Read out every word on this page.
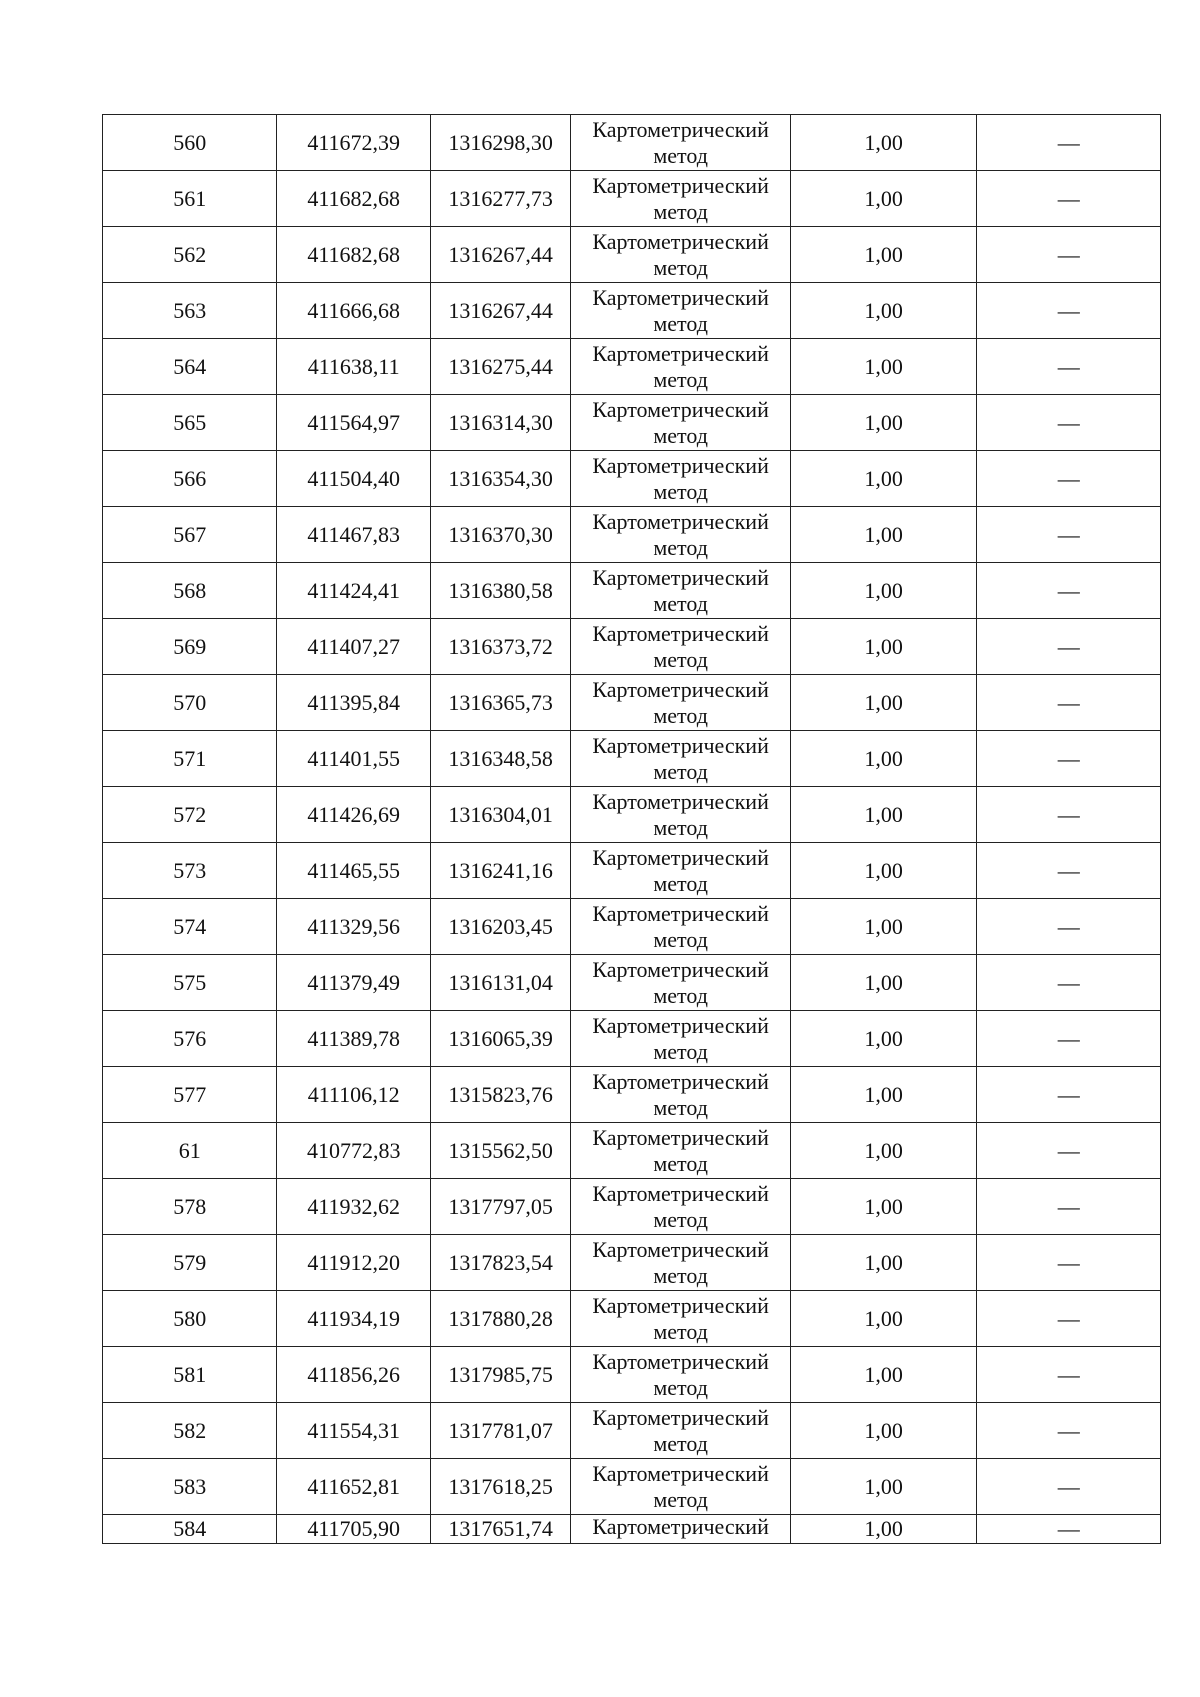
560	411672,39	1316298,30	Картометрический метод	1,00	—
561	411682,68	1316277,73	Картометрический метод	1,00	—
562	411682,68	1316267,44	Картометрический метод	1,00	—
563	411666,68	1316267,44	Картометрический метод	1,00	—
564	411638,11	1316275,44	Картометрический метод	1,00	—
565	411564,97	1316314,30	Картометрический метод	1,00	—
566	411504,40	1316354,30	Картометрический метод	1,00	—
567	411467,83	1316370,30	Картометрический метод	1,00	—
568	411424,41	1316380,58	Картометрический метод	1,00	—
569	411407,27	1316373,72	Картометрический метод	1,00	—
570	411395,84	1316365,73	Картометрический метод	1,00	—
571	411401,55	1316348,58	Картометрический метод	1,00	—
572	411426,69	1316304,01	Картометрический метод	1,00	—
573	411465,55	1316241,16	Картометрический метод	1,00	—
574	411329,56	1316203,45	Картометрический метод	1,00	—
575	411379,49	1316131,04	Картометрический метод	1,00	—
576	411389,78	1316065,39	Картометрический метод	1,00	—
577	411106,12	1315823,76	Картометрический метод	1,00	—
61	410772,83	1315562,50	Картометрический метод	1,00	—
578	411932,62	1317797,05	Картометрический метод	1,00	—
579	411912,20	1317823,54	Картометрический метод	1,00	—
580	411934,19	1317880,28	Картометрический метод	1,00	—
581	411856,26	1317985,75	Картометрический метод	1,00	—
582	411554,31	1317781,07	Картометрический метод	1,00	—
583	411652,81	1317618,25	Картометрический метод	1,00	—
584	411705,90	1317651,74	Картометрический	1,00	—
